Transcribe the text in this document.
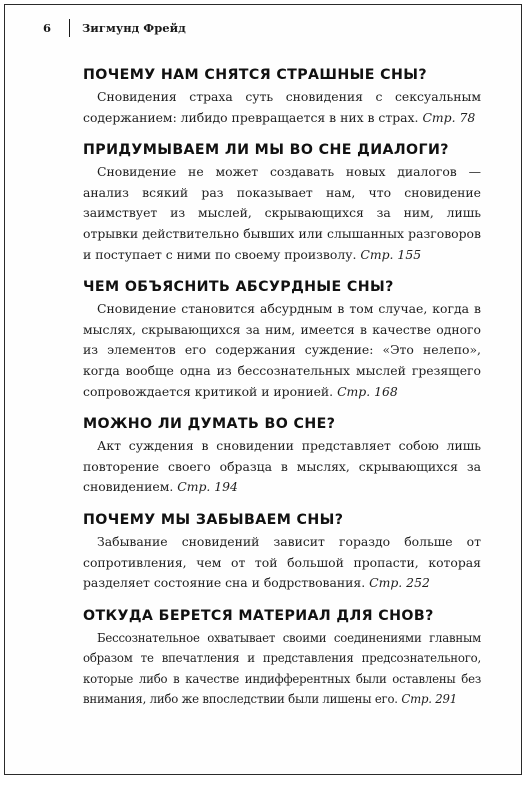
6	Зигмунд Фрейд
ПОЧЕМУ НАМ СНЯТСЯ СТРАШНЫЕ СНЫ?

Сновидения страха суть сновидения с сексуальным содержанием: либидо превращается в них в страх. Стр. 78

ПРИДУМЫВАЕМ ЛИ МЫ ВО СНЕ ДИАЛОГИ?

Сновидение не может создавать новых диалогов — анализ всякий раз показывает нам, что сновидение заимствует из мыслей, скрывающихся за ним, лишь отрывки действительно бывших или слышанных разговоров и поступает с ними по своему произволу. Стр. 155

ЧЕМ ОБЪЯСНИТЬ АБСУРДНЫЕ СНЫ?

Сновидение становится абсурдным в том случае, когда в мыслях, скрывающихся за ним, имеется в качестве одного из элементов его содержания суждение: «Это нелепо», когда вообще одна из бессознательных мыслей грезящего сопровождается критикой и иронией. Стр. 168

МОЖНО ЛИ ДУМАТЬ ВО СНЕ?

Акт суждения в сновидении представляет собою лишь повторение своего образца в мыслях, скрывающихся за сновидением. Стр. 194

ПОЧЕМУ МЫ ЗАБЫВАЕМ СНЫ?

Забывание сновидений зависит гораздо больше от сопротивления, чем от той большой пропасти, которая разделяет состояние сна и бодрствования. Стр. 252

ОТКУДА БЕРЕТСЯ МАТЕРИАЛ ДЛЯ СНОВ?

Бессознательное охватывает своими соединениями главным образом те впечатления и представления предсознательного, которые либо в качестве индифферентных были оставлены без внимания, либо же впоследствии были лишены его. Стр. 291
